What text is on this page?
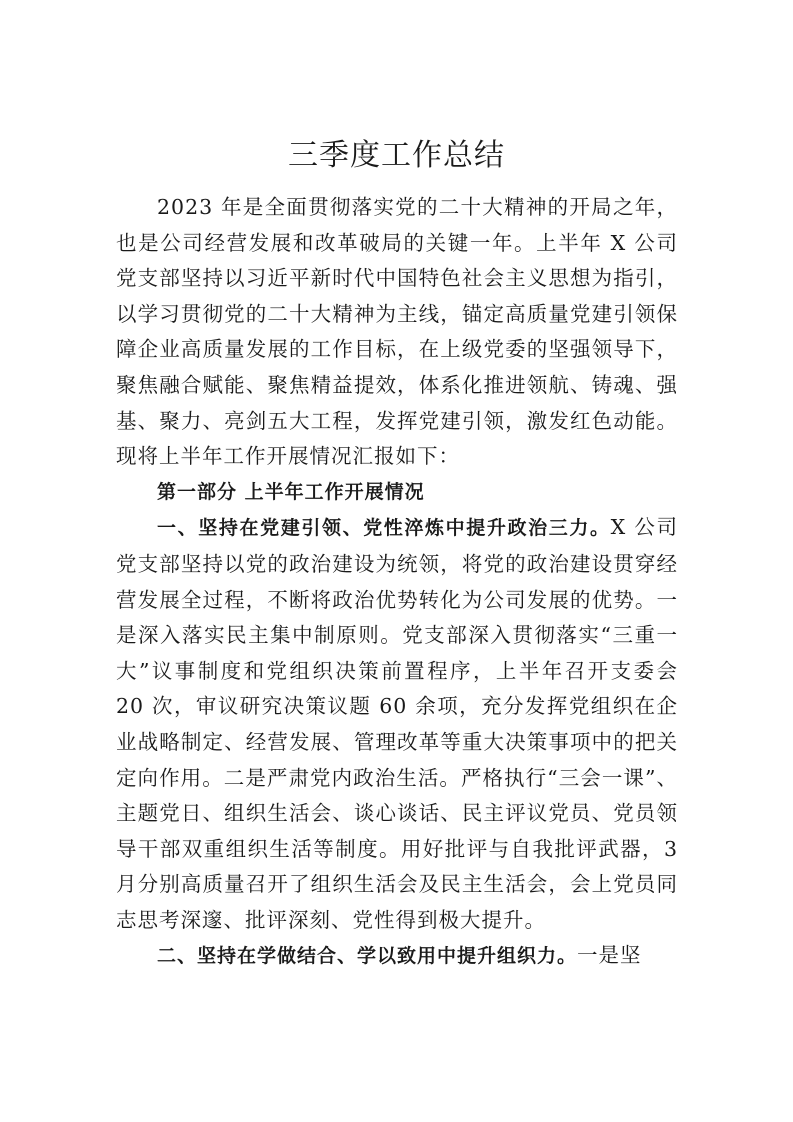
三季度工作总结

2023 年是全面贯彻落实党的二十大精神的开局之年，也是公司经营发展和改革破局的关键一年。上半年 X 公司党支部坚持以习近平新时代中国特色社会主义思想为指引，以学习贯彻党的二十大精神为主线，锚定高质量党建引领保障企业高质量发展的工作目标，在上级党委的坚强领导下，聚焦融合赋能、聚焦精益提效，体系化推进领航、铸魂、强基、聚力、亮剑五大工程，发挥党建引领，激发红色动能。现将上半年工作开展情况汇报如下：

第一部分 上半年工作开展情况

一、坚持在党建引领、党性淬炼中提升政治三力。X 公司党支部坚持以党的政治建设为统领，将党的政治建设贯穿经营发展全过程，不断将政治优势转化为公司发展的优势。一是深入落实民主集中制原则。党支部深入贯彻落实“三重一大”议事制度和党组织决策前置程序，上半年召开支委会 20 次，审议研究决策议题 60 余项，充分发挥党组织在企业战略制定、经营发展、管理改革等重大决策事项中的把关定向作用。二是严肃党内政治生活。严格执行“三会一课”、主题党日、组织生活会、谈心谈话、民主评议党员、党员领导干部双重组织生活等制度。用好批评与自我批评武器，3 月分别高质量召开了组织生活会及民主生活会，会上党员同志思考深邃、批评深刻、党性得到极大提升。

二、坚持在学做结合、学以致用中提升组织力。一是坚
